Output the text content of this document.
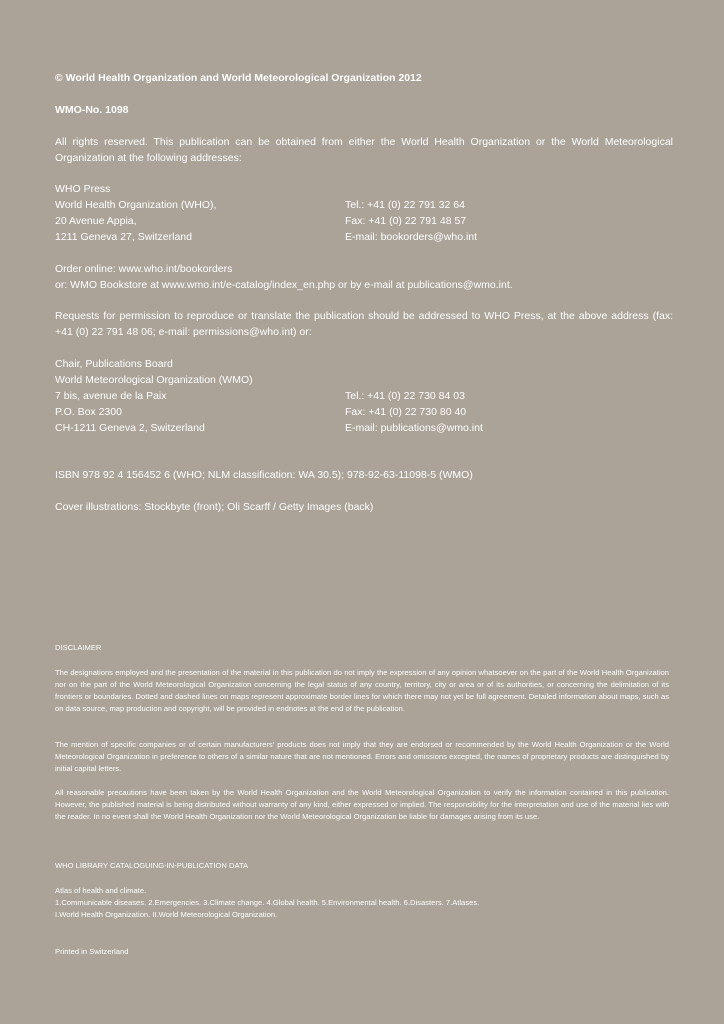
© World Health Organization and World Meteorological Organization 2012
WMO-No. 1098
All rights reserved. This publication can be obtained from either the World Health Organization or the World Meteorological Organization at the following addresses:
WHO Press
World Health Organization (WHO),	Tel.: +41 (0) 22 791 32 64
20 Avenue Appia,	Fax: +41 (0) 22 791 48 57
1211 Geneva 27, Switzerland	E-mail: bookorders@who.int
Order online: www.who.int/bookorders
or: WMO Bookstore at www.wmo.int/e-catalog/index_en.php or by e-mail at publications@wmo.int.
Requests for permission to reproduce or translate the publication should be addressed to WHO Press, at the above address (fax: +41 (0) 22 791 48 06; e-mail: permissions@who.int) or:
Chair, Publications Board
World Meteorological Organization (WMO)
7 bis, avenue de la Paix	Tel.: +41 (0) 22 730 84 03
P.O. Box 2300	Fax: +41 (0) 22 730 80 40
CH-1211 Geneva 2, Switzerland	E-mail: publications@wmo.int
ISBN 978 92 4 156452 6 (WHO; NLM classification: WA 30.5); 978-92-63-11098-5 (WMO)
Cover illustrations: Stockbyte (front); Oli Scarff / Getty Images (back)
DISCLAIMER
The designations employed and the presentation of the material in this publication do not imply the expression of any opinion whatsoever on the part of the World Health Organization nor on the part of the World Meteorological Organization concerning the legal status of any country, territory, city or area or of its authorities, or concerning the delimitation of its frontiers or boundaries. Dotted and dashed lines on maps represent approximate border lines for which there may not yet be full agreement. Detailed information about maps, such as on data source, map production and copyright, will be provided in endnotes at the end of the publication.
The mention of specific companies or of certain manufacturers' products does not imply that they are endorsed or recommended by the World Health Organization or the World Meteorological Organization in preference to others of a similar nature that are not mentioned. Errors and omissions excepted, the names of proprietary products are distinguished by initial capital letters.
All reasonable precautions have been taken by the World Health Organization and the World Meteorological Organization to verify the information contained in this publication. However, the published material is being distributed without warranty of any kind, either expressed or implied. The responsibility for the interpretation and use of the material lies with the reader. In no event shall the World Health Organization nor the World Meteorological Organization be liable for damages arising from its use.
WHO LIBRARY CATALOGUING-IN-PUBLICATION DATA
Atlas of health and climate.
1.Communicable diseases. 2.Emergencies. 3.Climate change. 4.Global health. 5.Environmental health. 6.Disasters. 7.Atlases.
I.World Health Organization. II.World Meteorological Organization.
Printed in Switzerland
